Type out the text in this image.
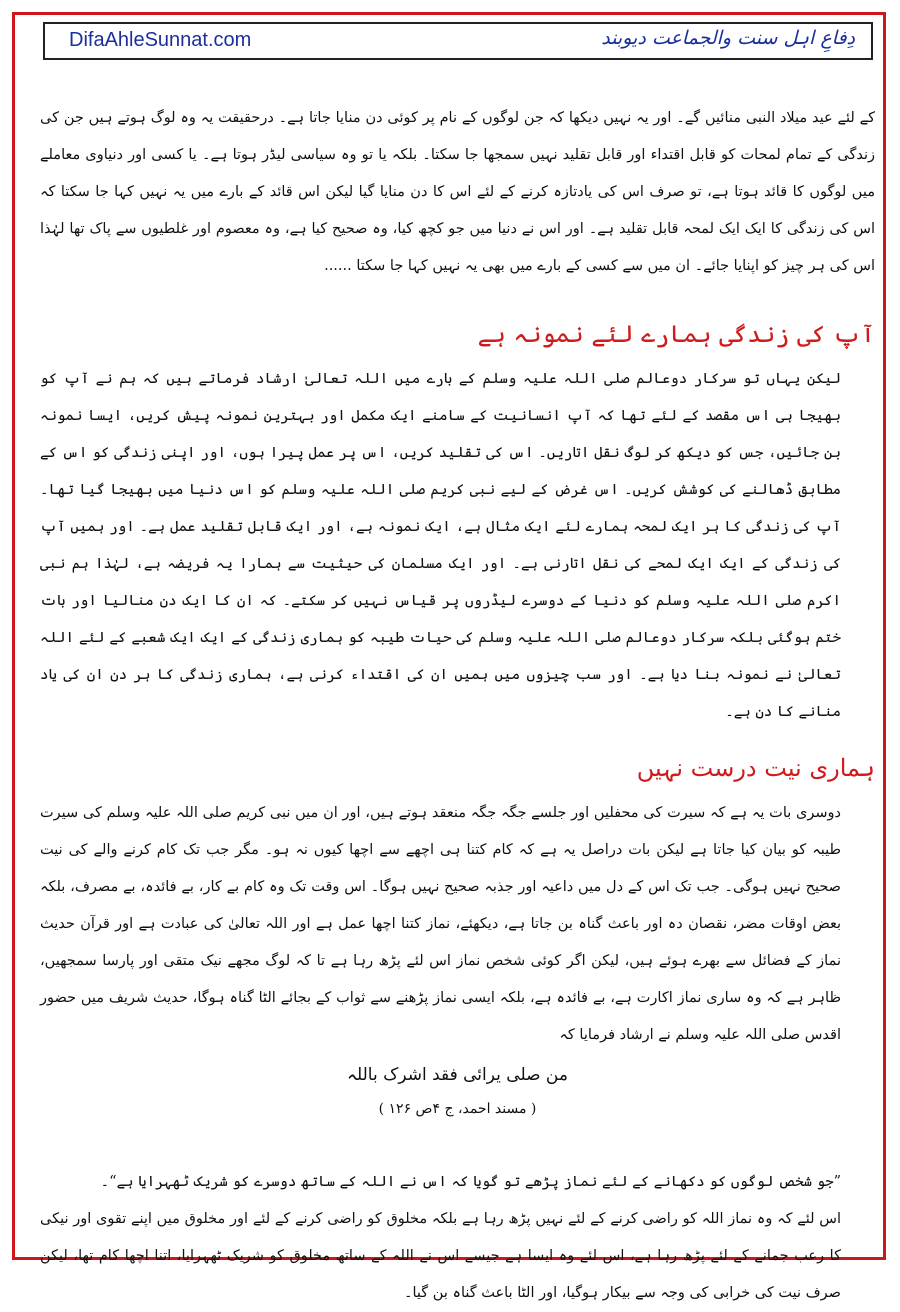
DifaAhleSunnat.com	دِفاعِ اہل سنت والجماعت دیوبند

کے لئے عید میلاد النبی منائیں گے۔ اور یہ نہیں دیکھا کہ جن لوگوں کے نام پر کوئی دن منایا جاتا ہے۔ درحقیقت یہ وہ لوگ ہوتے ہیں جن کی زندگی کے تمام لمحات کو قابل اقتداء اور قابل تقلید نہیں سمجھا جا سکتا۔ بلکہ یا تو وہ سیاسی لیڈر ہوتا ہے۔ یا کسی اور دنیاوی معاملے میں لوگوں کا قائد ہوتا ہے، تو صرف اس کی یادتازہ کرنے کے لئے اس کا دن منایا گیا لیکن اس قائد کے بارے میں یہ نہیں کہا جا سکتا کہ اس کی زندگی کا ایک ایک لمحہ قابل تقلید ہے۔ اور اس نے دنیا میں جو کچھ کیا، وہ صحیح کیا ہے، وہ معصوم اور غلطیوں سے پاک تھا لہٰذا اس کی ہر چیز کو اپنایا جائے۔ ان میں سے کسی کے بارے میں بھی یہ نہیں کہا جا سکتا ......

آپ کی زندگی ہمارے لئے نمونہ ہے

لیکن یہاں تو سرکار دوعالم صلی اللہ علیہ وسلم کے بارے میں اللہ تعالیٰ ارشاد فرماتے ہیں کہ ہم نے آپ کو بھیجا ہی اس مقصد کے لئے تھا کہ آپ انسانیت کے سامنے ایک مکمل اور بہترین نمونہ پیش کریں، ایسا نمونہ بن جائیں، جس کو دیکھ کر لوگ نقل اتاریں۔ اس کی تقلید کریں، اس پر عمل پیرا ہوں، اور اپنی زندگی کو اس کے مطابق ڈھالنے کی کوشش کریں۔ اس غرض کے لیے نبی کریم صلی اللہ علیہ وسلم کو اس دنیا میں بھیجا گیا تھا۔ آپ کی زندگی کا ہر ایک لمحہ ہمارے لئے ایک مثال ہے، ایک نمونہ ہے، اور ایک قابل تقلید عمل ہے۔ اور ہمیں آپ کی زندگی کے ایک ایک لمحے کی نقل اتارنی ہے۔ اور ایک مسلمان کی حیثیت سے ہمارا یہ فریضہ ہے، لہٰذا ہم نبی اکرم صلی اللہ علیہ وسلم کو دنیا کے دوسرے لیڈروں پر قیاس نہیں کر سکتے۔ کہ ان کا ایک دن منالیا اور بات ختم ہوگئی بلکہ سرکار دوعالم صلی اللہ علیہ وسلم کی حیات طیبہ کو ہماری زندگی کے ایک ایک شعبے کے لئے اللہ تعالیٰ نے نمونہ بنا دیا ہے۔ اور سب چیزوں میں ہمیں ان کی اقتداء کرنی ہے، ہماری زندگی کا ہر دن ان کی یاد منانے کا دن ہے۔

ہماری نیت درست نہیں

دوسری بات یہ ہے کہ سیرت کی محفلیں اور جلسے جگہ جگہ منعقد ہوتے ہیں، اور ان میں نبی کریم صلی اللہ علیہ وسلم کی سیرت طیبہ کو بیان کیا جاتا ہے لیکن بات دراصل یہ ہے کہ کام کتنا ہی اچھے سے اچھا کیوں نہ ہو۔ مگر جب تک کام کرنے والے کی نیت صحیح نہیں ہوگی۔ جب تک اس کے دل میں داعیہ اور جذبہ صحیح نہیں ہوگا۔ اس وقت تک وہ کام بے کار، بے فائدہ، بے مصرف، بلکہ بعض اوقات مضر، نقصان دہ اور باعث گناہ بن جاتا ہے، دیکھئے، نماز کتنا اچھا عمل ہے اور اللہ تعالیٰ کی عبادت ہے اور قرآن حدیث نماز کے فضائل سے بھرے ہوئے ہیں، لیکن اگر کوئی شخص نماز اس لئے پڑھ رہا ہے تا کہ لوگ مجھے نیک متقی اور پارسا سمجھیں، ظاہر ہے کہ وہ ساری نماز اکارت ہے، بے فائدہ ہے، بلکہ ایسی نماز پڑھنے سے ثواب کے بجائے الٹا گناہ ہوگا، حدیث شریف میں حضور اقدس صلی اللہ علیہ وسلم نے ارشاد فرمایا کہ

من صلی یرائی فقد اشرک باللہ
( مسند احمد، ج ۴ص ۱۲۶ )

”جو شخص لوگوں کو دکھانے کے لئے نماز پڑھے تو گویا کہ اس نے اللہ کے ساتھ دوسرے کو شریک ٹھہرایا ہے“۔

اس لئے کہ وہ نماز اللہ کو راضی کرنے کے لئے نہیں پڑھ رہا ہے بلکہ مخلوق کو راضی کرنے کے لئے اور مخلوق میں اپنے تقوی اور نیکی کا رعب جمانے کے لئے پڑھ رہا ہے، اس لئے وہ ایسا ہے جیسے اس نے اللہ کے ساتھ مخلوق کو شریک ٹھہرایا، اتنا اچھا کام تھا، لیکن صرف نیت کی خرابی کی وجہ سے بیکار ہوگیا، اور الٹا باعث گناہ بن گیا۔
